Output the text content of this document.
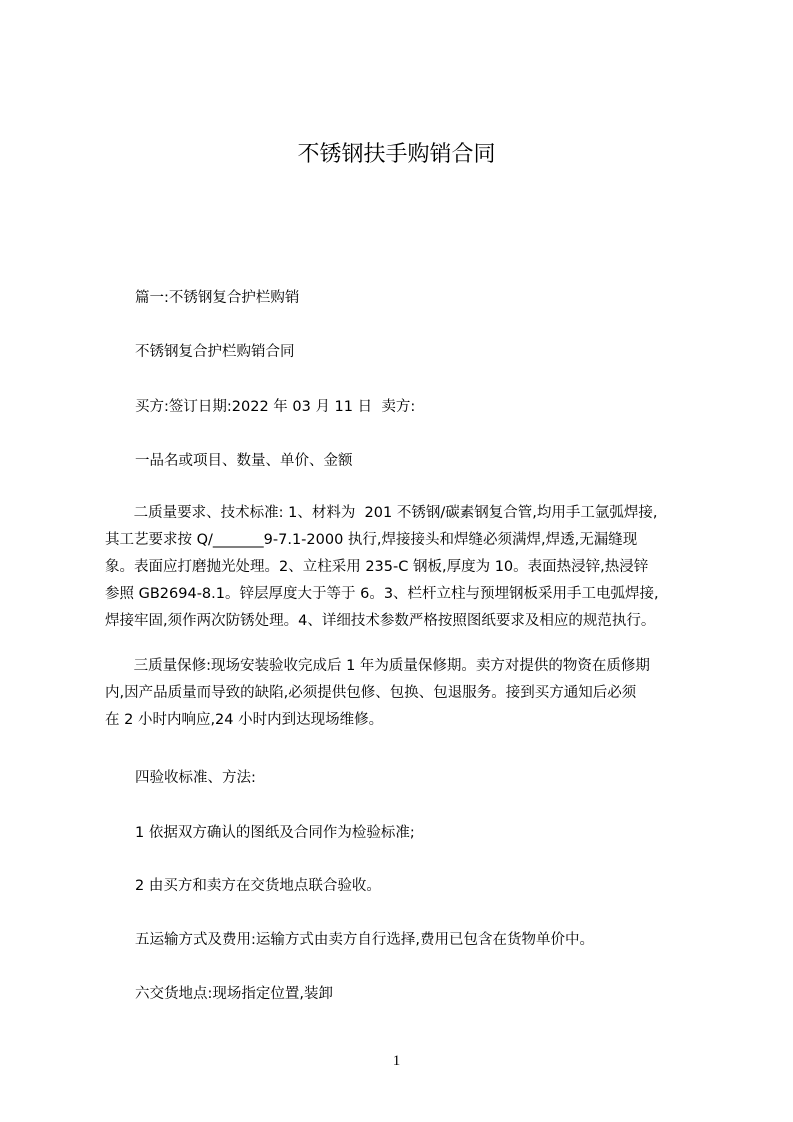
不锈钢扶手购销合同
篇一:不锈钢复合护栏购销
不锈钢复合护栏购销合同
买方:签订日期:2022 年 03 月 11 日  卖方:
一品名或项目、数量、单价、金额
二质量要求、技术标准: 1、材料为  201 不锈钢/碳素钢复合管,均用手工氩弧焊接,
其工艺要求按 Q/_______9-7.1-2000 执行,焊接接头和焊缝必须满焊,焊透,无漏缝现
象。表面应打磨抛光处理。2、立柱采用 235-C 钢板,厚度为 10。表面热浸锌,热浸锌
参照 GB2694-8.1。锌层厚度大于等于 6。3、栏杆立柱与预埋钢板采用手工电弧焊接,
焊接牢固,须作两次防锈处理。4、详细技术参数严格按照图纸要求及相应的规范执行。
三质量保修:现场安装验收完成后 1 年为质量保修期。卖方对提供的物资在质修期
内,因产品质量而导致的缺陷,必须提供包修、包换、包退服务。接到买方通知后必须
在 2 小时内响应,24 小时内到达现场维修。
四验收标准、方法:
1 依据双方确认的图纸及合同作为检验标准;
2 由买方和卖方在交货地点联合验收。
五运输方式及费用:运输方式由卖方自行选择,费用已包含在货物单价中。
六交货地点:现场指定位置,装卸
1
